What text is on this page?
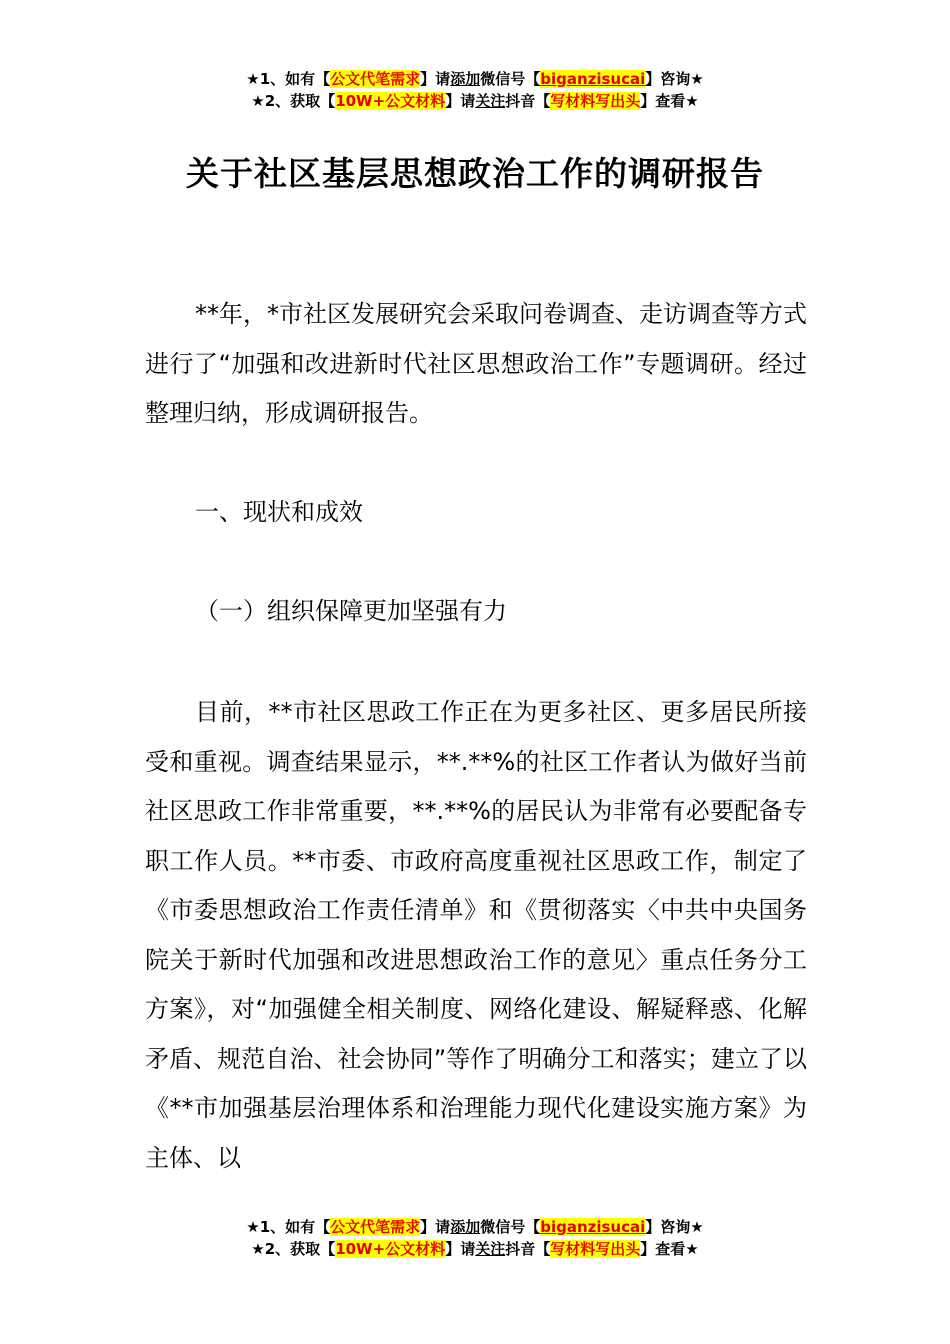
★1、如有【公文代笔需求】请添加微信号【biganzisucai】咨询★
★2、获取【10W+公文材料】请关注抖音【写材料写出头】查看★
关于社区基层思想政治工作的调研报告
**年，*市社区发展研究会采取问卷调查、走访调查等方式进行了“加强和改进新时代社区思想政治工作”专题调研。经过整理归纳，形成调研报告。
一、现状和成效
（一）组织保障更加坚强有力
目前，**市社区思政工作正在为更多社区、更多居民所接受和重视。调查结果显示，**.**%的社区工作者认为做好当前社区思政工作非常重要，**.**%的居民认为非常有必要配备专职工作人员。**市委、市政府高度重视社区思政工作，制定了《市委思想政治工作责任清单》和《贯彻落实〈中共中央国务院关于新时代加强和改进思想政治工作的意见〉重点任务分工方案》，对“加强健全相关制度、网络化建设、解疑释惑、化解矛盾、规范自治、社会协同”等作了明确分工和落实；建立了以《**市加强基层治理体系和治理能力现代化建设实施方案》为主体、以
★1、如有【公文代笔需求】请添加微信号【biganzisucai】咨询★
★2、获取【10W+公文材料】请关注抖音【写材料写出头】查看★
